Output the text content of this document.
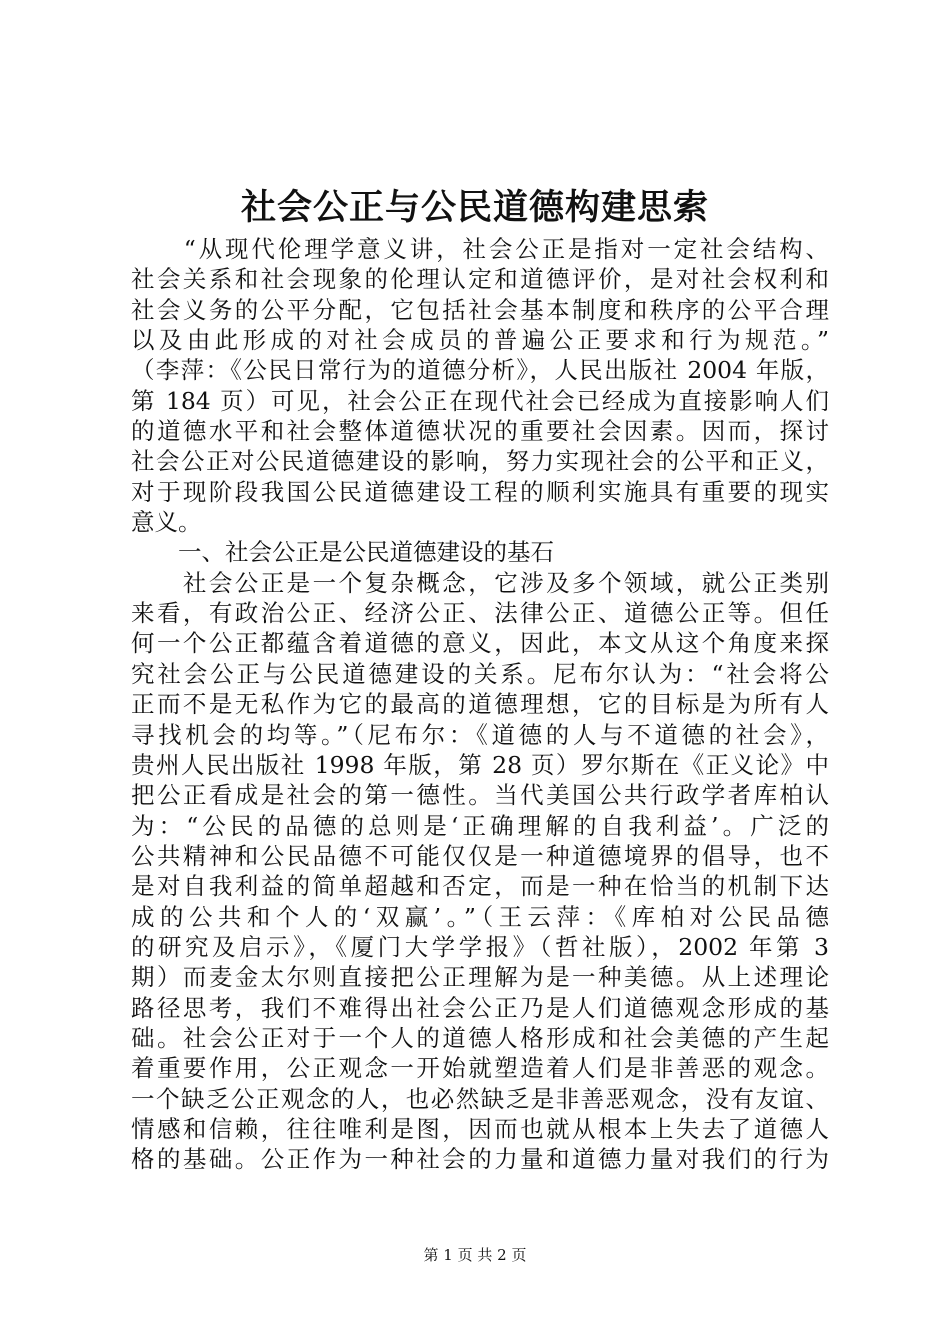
社会公正与公民道德构建思索
　　“从现代伦理学意义讲，社会公正是指对一定社会结构、
社会关系和社会现象的伦理认定和道德评价，是对社会权利和
社会义务的公平分配，它包括社会基本制度和秩序的公平合理
以及由此形成的对社会成员的普遍公正要求和行为规范。”
（李萍：《公民日常行为的道德分析》，人民出版社 2004 年版，
第 184 页）可见，社会公正在现代社会已经成为直接影响人们
的道德水平和社会整体道德状况的重要社会因素。因而，探讨
社会公正对公民道德建设的影响，努力实现社会的公平和正义，
对于现阶段我国公民道德建设工程的顺利实施具有重要的现实
意义。
　　一、社会公正是公民道德建设的基石
　　社会公正是一个复杂概念，它涉及多个领域，就公正类别
来看，有政治公正、经济公正、法律公正、道德公正等。但任
何一个公正都蕴含着道德的意义，因此，本文从这个角度来探
究社会公正与公民道德建设的关系。尼布尔认为：“社会将公
正而不是无私作为它的最高的道德理想，它的目标是为所有人
寻找机会的均等。”（尼布尔：《道德的人与不道德的社会》，
贵州人民出版社 1998 年版，第 28 页）罗尔斯在《正义论》中
把公正看成是社会的第一德性。当代美国公共行政学者库柏认
为：“公民的品德的总则是‘正确理解的自我利益’。广泛的
公共精神和公民品德不可能仅仅是一种道德境界的倡导，也不
是对自我利益的简单超越和否定，而是一种在恰当的机制下达
成的公共和个人的‘双赢’。”（王云萍：《库柏对公民品德
的研究及启示》，《厦门大学学报》（哲社版），2002 年第 3
期）而麦金太尔则直接把公正理解为是一种美德。从上述理论
路径思考，我们不难得出社会公正乃是人们道德观念形成的基
础。社会公正对于一个人的道德人格形成和社会美德的产生起
着重要作用，公正观念一开始就塑造着人们是非善恶的观念。
一个缺乏公正观念的人，也必然缺乏是非善恶观念，没有友谊、
情感和信赖，往往唯利是图，因而也就从根本上失去了道德人
格的基础。公正作为一种社会的力量和道德力量对我们的行为
第 1 页 共 2 页
